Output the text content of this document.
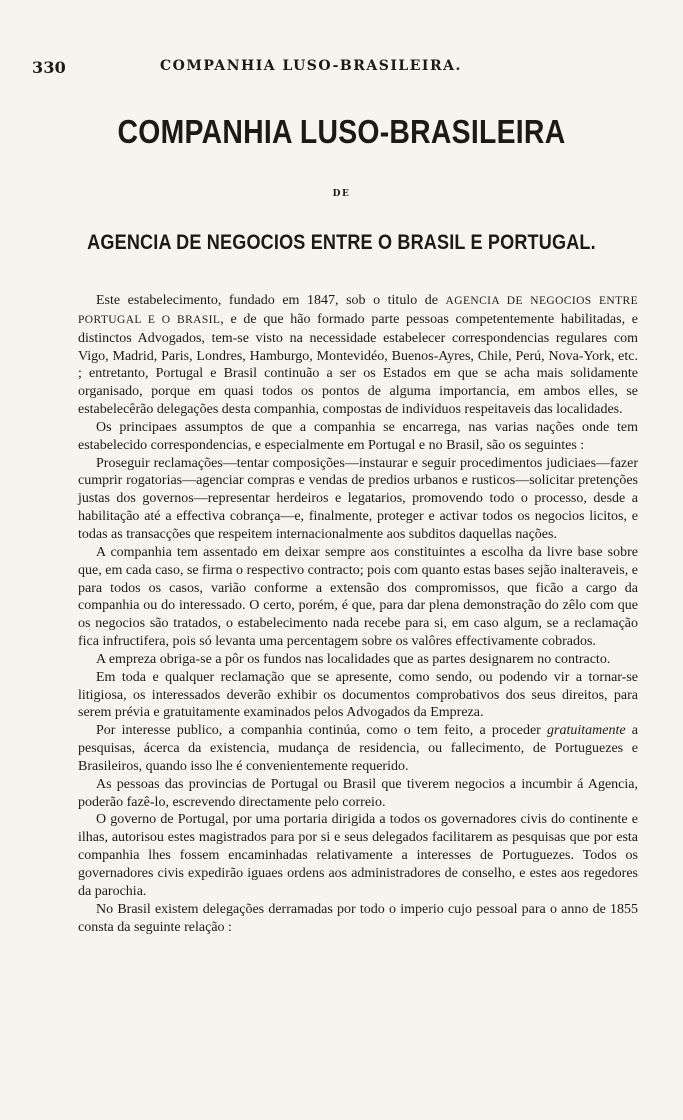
330	COMPANHIA LUSO-BRASILEIRA.
COMPANHIA LUSO-BRASILEIRA
DE
AGENCIA DE NEGOCIOS ENTRE O BRASIL E PORTUGAL.

Este estabelecimento, fundado em 1847, sob o titulo de AGENCIA DE NEGOCIOS ENTRE PORTUGAL E O BRASIL, e de que hão formado parte pessoas competentemente habilitadas, e distinctos Advogados, tem-se visto na necessidade estabelecer correspondencias regulares com Vigo, Madrid, Paris, Londres, Hamburgo, Montevidéo, Buenos-Ayres, Chile, Perú, Nova-York, etc. ; entretanto, Portugal e Brasil continuão a ser os Estados em que se acha mais solidamente organisado, porque em quasi todos os pontos de alguma importancia, em ambos elles, se estabelecêrão delegações desta companhia, compostas de individuos respeitaveis das localidades.

Os principaes assumptos de que a companhia se encarrega, nas varias nações onde tem estabelecido correspondencias, e especialmente em Portugal e no Brasil, são os seguintes :

Proseguir reclamações—tentar composições—instaurar e seguir procedimentos judiciaes—fazer cumprir rogatorias—agenciar compras e vendas de predios urbanos e rusticos—solicitar pretenções justas dos governos—representar herdeiros e legatarios, promovendo todo o processo, desde a habilitação até a effectiva cobrança—e, finalmente, proteger e activar todos os negocios licitos, e todas as transacções que respeitem internacionalmente aos subditos daquellas nações.

A companhia tem assentado em deixar sempre aos constituintes a escolha da livre base sobre que, em cada caso, se firma o respectivo contracto; pois com quanto estas bases sejão inalteraveis, e para todos os casos, varião conforme a extensão dos compromissos, que ficão a cargo da companhia ou do interessado. O certo, porém, é que, para dar plena demonstração do zêlo com que os negocios são tratados, o estabelecimento nada recebe para si, em caso algum, se a reclamação fica infructifera, pois só levanta uma percentagem sobre os valôres effectivamente cobrados.

A empreza obriga-se a pôr os fundos nas localidades que as partes designarem no contracto.

Em toda e qualquer reclamação que se apresente, como sendo, ou podendo vir a tornar-se litigiosa, os interessados deverão exhibir os documentos comprobativos dos seus direitos, para serem prévia e gratuitamente examinados pelos Advogados da Empreza.

Por interesse publico, a companhia continúa, como o tem feito, a proceder gratuitamente a pesquisas, ácerca da existencia, mudança de residencia, ou fallecimento, de Portuguezes e Brasileiros, quando isso lhe é convenientemente requerido.

As pessoas das provincias de Portugal ou Brasil que tiverem negocios a incumbir á Agencia, poderão fazê-lo, escrevendo directamente pelo correio.

O governo de Portugal, por uma portaria dirigida a todos os governadores civis do continente e ilhas, autorisou estes magistrados para por si e seus delegados facilitarem as pesquisas que por esta companhia lhes fossem encaminhadas relativamente a interesses de Portuguezes. Todos os governadores civis expedirão iguaes ordens aos administradores de conselho, e estes aos regedores da parochia.

No Brasil existem delegações derramadas por todo o imperio cujo pessoal para o anno de 1855 consta da seguinte relação :
